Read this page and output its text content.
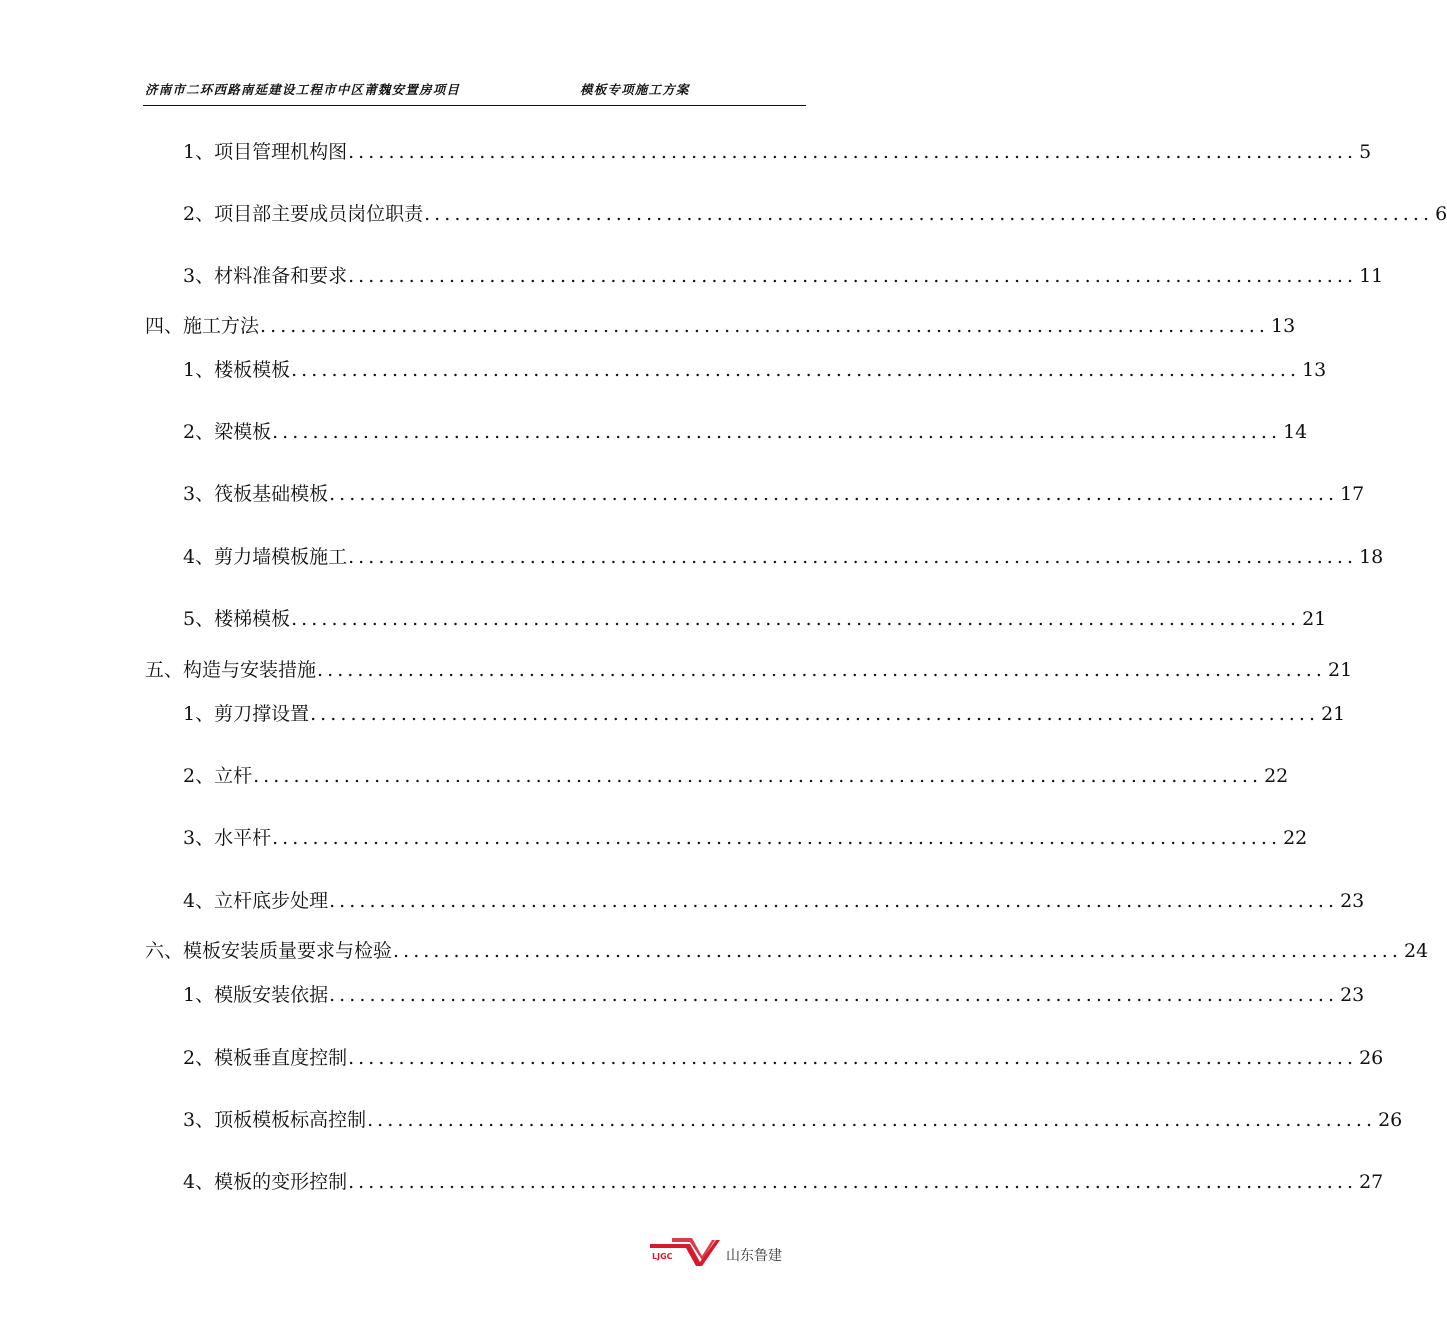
济南市二环西路南延建设工程市中区莆魏安置房项目	模板专项施工方案
1、项目管理机构图 .................................................................................................... 5
2、项目部主要成员岗位职责 .................................................................................................... 6
3、材料准备和要求 .................................................................................................... 11
四、施工方法 .................................................................................................... 13
1、楼板模板 .................................................................................................... 13
2、梁模板 .................................................................................................... 14
3、筏板基础模板 .................................................................................................... 17
4、剪力墙模板施工 .................................................................................................... 18
5、楼梯模板 .................................................................................................... 21
五、构造与安装措施 .................................................................................................... 21
1、剪刀撑设置 .................................................................................................... 21
2、立杆 .................................................................................................... 22
3、水平杆 .................................................................................................... 22
4、立杆底步处理 .................................................................................................... 23
六、模板安装质量要求与检验 .................................................................................................... 24
1、模版安装依据 .................................................................................................... 23
2、模板垂直度控制 .................................................................................................... 26
3、顶板模板标高控制 .................................................................................................... 26
4、模板的变形控制 .................................................................................................... 27
LJGC	山东鲁建
